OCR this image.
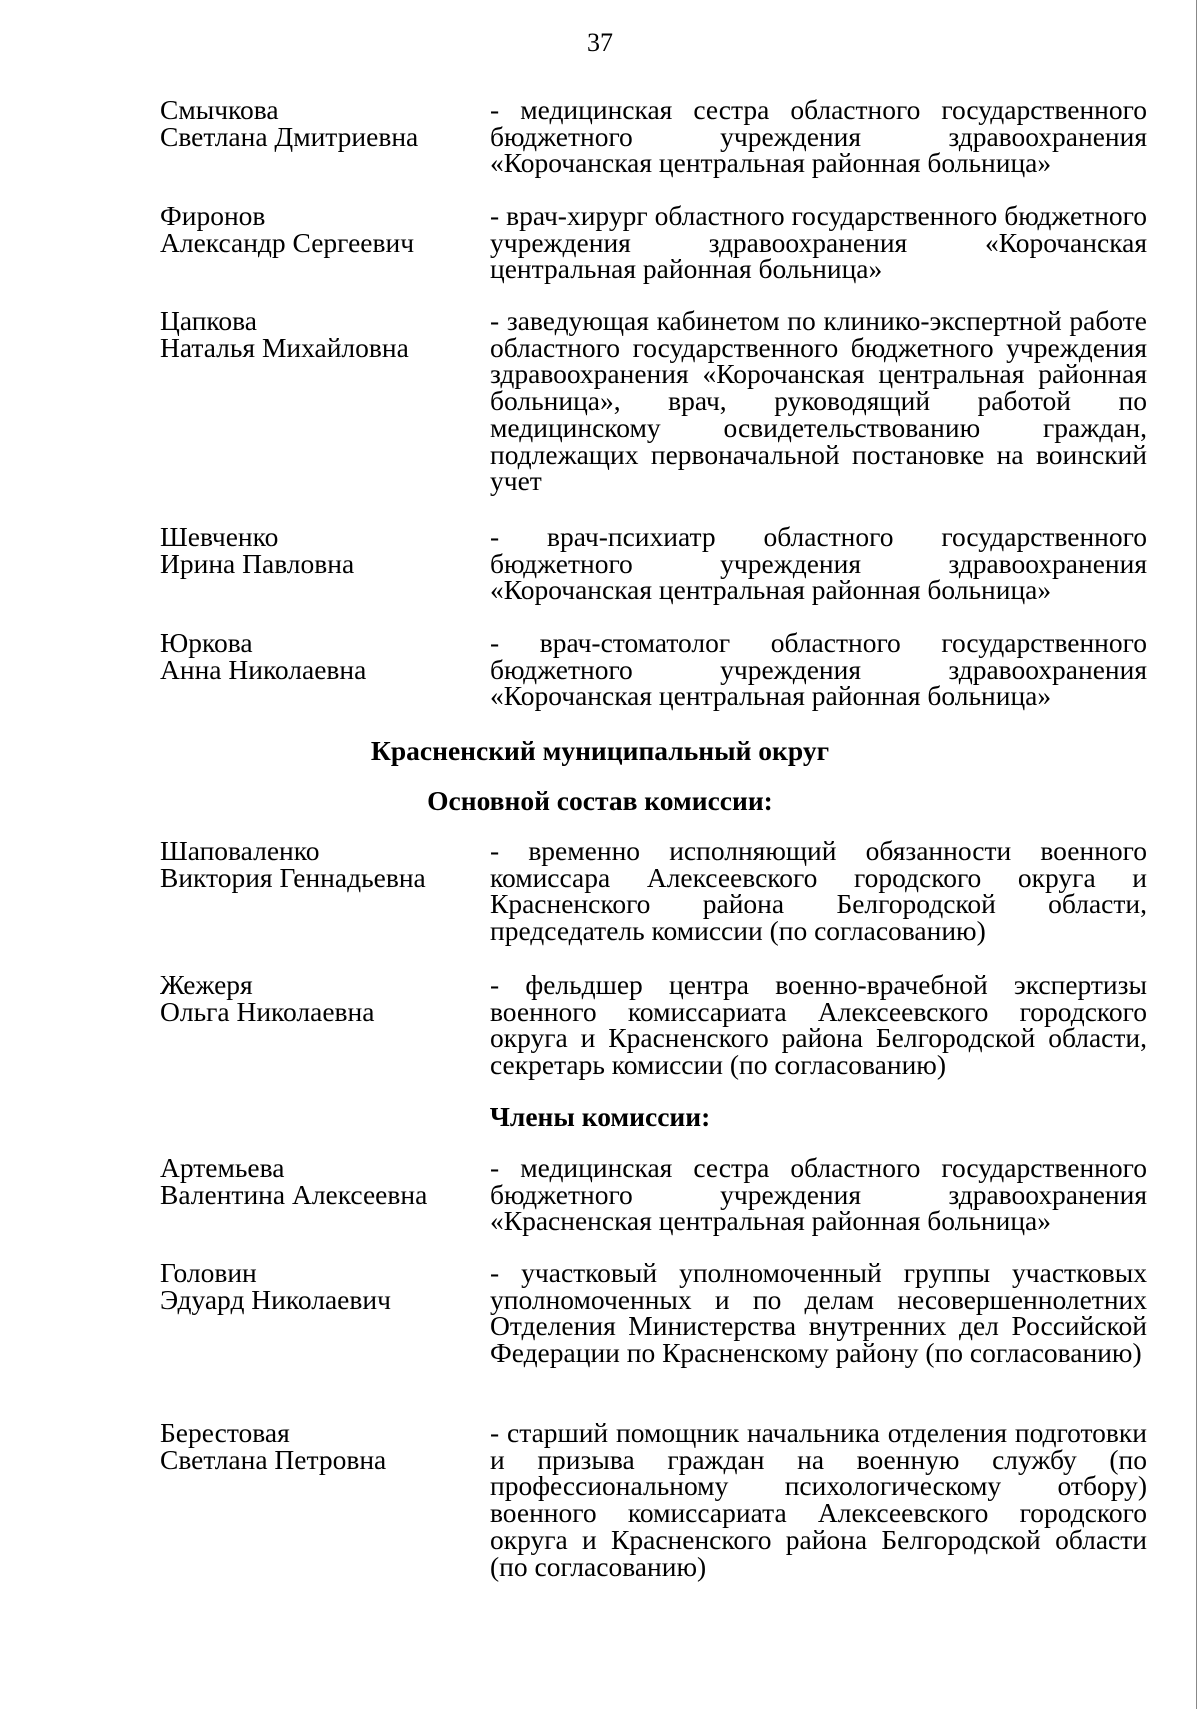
37
Смычкова
Светлана Дмитриевна
- медицинская сестра областного государственного бюджетного учреждения здравоохранения «Корочанская центральная районная больница»
Фиронов
Александр Сергеевич
- врач-хирург областного государственного бюджетного учреждения здравоохранения «Корочанская центральная районная больница»
Цапкова
Наталья Михайловна
- заведующая кабинетом по клинико-экспертной работе областного государственного бюджетного учреждения здравоохранения «Корочанская центральная районная больница», врач, руководящий работой по медицинскому освидетельствованию граждан, подлежащих первоначальной постановке на воинский учет
Шевченко
Ирина Павловна
- врач-психиатр областного государственного бюджетного учреждения здравоохранения «Корочанская центральная районная больница»
Юркова
Анна Николаевна
- врач-стоматолог областного государственного бюджетного учреждения здравоохранения «Корочанская центральная районная больница»
Красненский муниципальный округ
Основной состав комиссии:
Шаповаленко
Виктория Геннадьевна
- временно исполняющий обязанности военного комиссара Алексеевского городского округа и Красненского района Белгородской области, председатель комиссии (по согласованию)
Жежеря
Ольга Николаевна
- фельдшер центра военно-врачебной экспертизы военного комиссариата Алексеевского городского округа и Красненского района Белгородской области, секретарь комиссии (по согласованию)
Члены комиссии:
Артемьева
Валентина Алексеевна
- медицинская сестра областного государственного бюджетного учреждения здравоохранения «Красненская центральная районная больница»
Головин
Эдуард Николаевич
- участковый уполномоченный группы участковых уполномоченных и по делам несовершеннолетних Отделения Министерства внутренних дел Российской Федерации по Красненскому району (по согласованию)
Берестовая
Светлана Петровна
- старший помощник начальника отделения подготовки и призыва граждан на военную службу (по профессиональному психологическому отбору) военного комиссариата Алексеевского городского округа и Красненского района Белгородской области (по согласованию)
